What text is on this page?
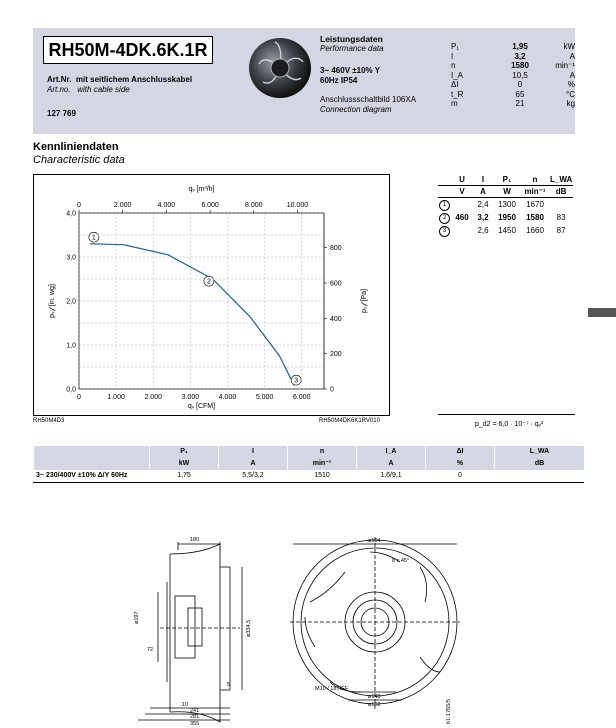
RH50M-4DK.6K.1R
Art.Nr. mit seitlichem Anschlusskabel
Art.no. with cable side
127 769
Leistungsdaten
Performance data
3~ 460V ±10% Y
60Hz IP54
Anschlussschaltbild 106XA
Connection diagram
P₁	1,95	kW
I	3,2	A
n	1580	min⁻¹
I_A	10,5	A
ΔI	0	%
t_R	65	°C
m	21	kg
Kennliniendaten
Characteristic data
0	1.000	2.000	3.000	4.000	5.000	6.000
qᵥ [CFM]
0,0
1,0
2,0
3,0
4,0
pₛ𝒻 [in. wg]
0	2.000	4.000	6.000	8.000	10.000
qᵥ [m³/h]
0
200
400
600
800
pₛ𝒻 [Pa]
1
2
3
RH50M4D3	RH50M4DK6K1RV010
	U	I	P₁	n	L_WA
	V	A	W	min⁻¹	dB
1		2,4	1300	1670	
2	460	3,2	1950	1580	83
3		2,6	1450	1660	87
p_d2 = 6,0 · 10⁻⁷ · qᵥ²
	P₁	I	n	I_A	ΔI	L_WA
	kW	A	min⁻¹	A	%	dB
3~ 230/400V ±10% Δ/Y 60Hz	1,75	5,5/3,2	1510	1,6/9,1	0	
180
ø197
72
10
5
241
281
355
ø334,5
ø504
8 x 45°
M10 / 18TIEF
ø140
ø162	KL 1765/5
